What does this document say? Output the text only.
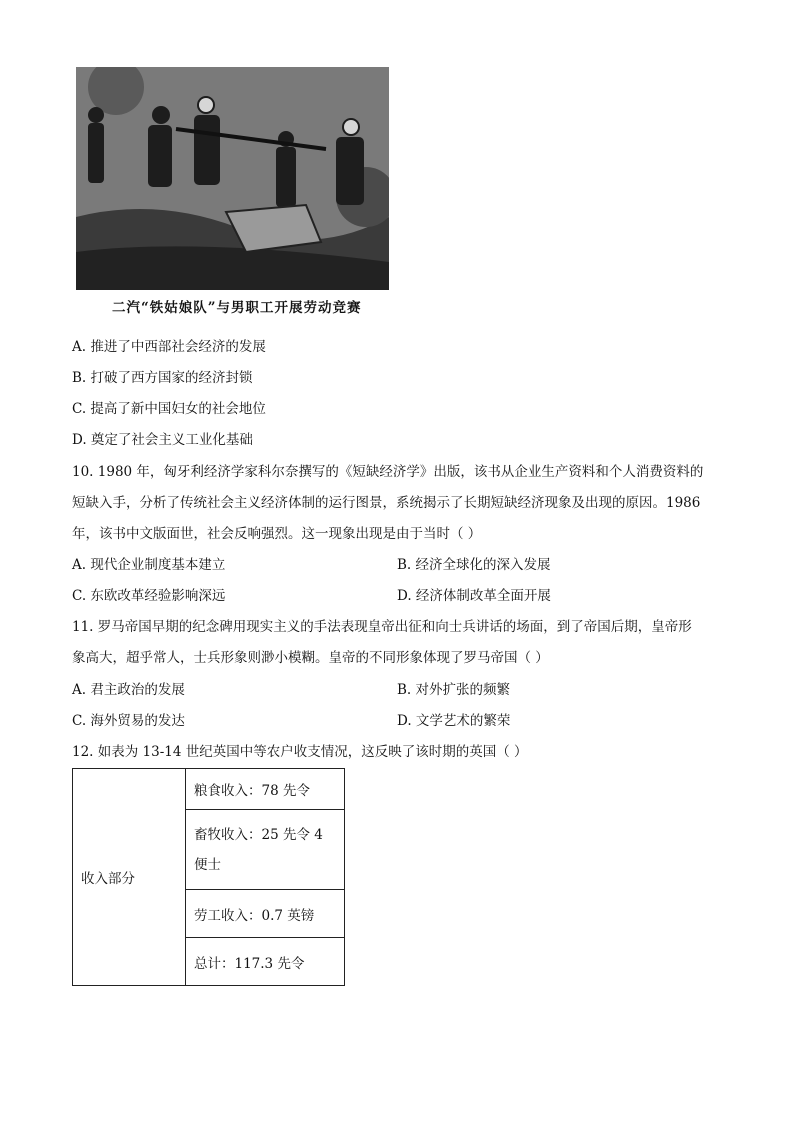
二汽“铁姑娘队”与男职工开展劳动竞赛
A. 推进了中西部社会经济的发展
B. 打破了西方国家的经济封锁
C. 提高了新中国妇女的社会地位
D. 奠定了社会主义工业化基础
10. 1980 年，匈牙利经济学家科尔奈撰写的《短缺经济学》出版，该书从企业生产资料和个人消费资料的
短缺入手，分析了传统社会主义经济体制的运行图景，系统揭示了长期短缺经济现象及出现的原因。1986
年，该书中文版面世，社会反响强烈。这一现象出现是由于当时（ ）
A. 现代企业制度基本建立	B. 经济全球化的深入发展
C. 东欧改革经验影响深远	D. 经济体制改革全面开展
11. 罗马帝国早期的纪念碑用现实主义的手法表现皇帝出征和向士兵讲话的场面，到了帝国后期，皇帝形
象高大，超乎常人，士兵形象则渺小模糊。皇帝的不同形象体现了罗马帝国（ ）
A. 君主政治的发展	B. 对外扩张的频繁
C. 海外贸易的发达	D. 文学艺术的繁荣
12. 如表为 13-14 世纪英国中等农户收支情况，这反映了该时期的英国（ ）
收入部分	粮食收入：78 先令

畜牧收入：25 先令 4
便士

劳工收入：0.7 英镑
总计：117.3 先令
